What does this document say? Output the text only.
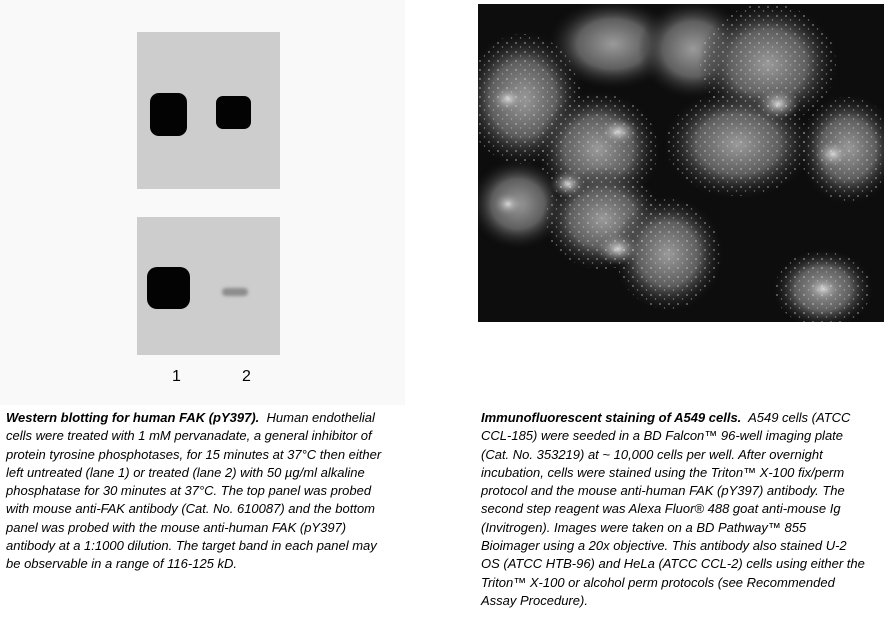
1	2
Western blotting for human FAK (pY397). Human endothelial cells were treated with 1 mM pervanadate, a general inhibitor of protein tyrosine phosphotases, for 15 minutes at 37°C then either left untreated (lane 1) or treated (lane 2) with 50 µg/ml alkaline phosphatase for 30 minutes at 37°C. The top panel was probed with mouse anti-FAK antibody (Cat. No. 610087) and the bottom panel was probed with the mouse anti-human FAK (pY397) antibody at a 1:1000 dilution. The target band in each panel may be observable in a range of 116-125 kD.
Immunofluorescent staining of A549 cells. A549 cells (ATCC CCL-185) were seeded in a BD Falcon™ 96-well imaging plate (Cat. No. 353219) at ~ 10,000 cells per well. After overnight incubation, cells were stained using the Triton™ X-100 fix/perm protocol and the mouse anti-human FAK (pY397) antibody. The second step reagent was Alexa Fluor® 488 goat anti-mouse Ig (Invitrogen). Images were taken on a BD Pathway™ 855 Bioimager using a 20x objective. This antibody also stained U-2 OS (ATCC HTB-96) and HeLa (ATCC CCL-2) cells using either the Triton™ X-100 or alcohol perm protocols (see Recommended Assay Procedure).
